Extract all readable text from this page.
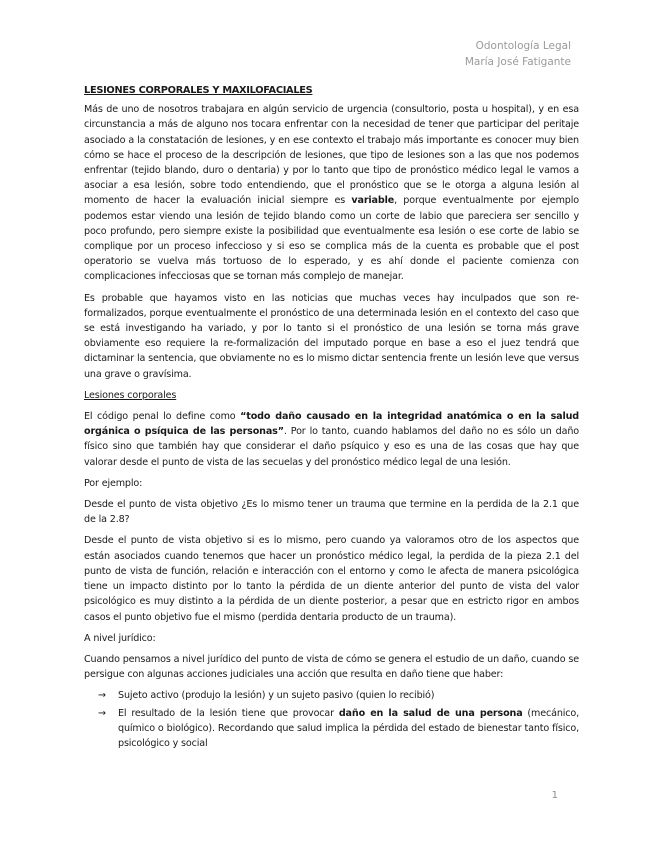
Odontología Legal
María José Fatigante
LESIONES CORPORALES Y MAXILOFACIALES

Más de uno de nosotros trabajara en algún servicio de urgencia (consultorio, posta u hospital), y en esa circunstancia a más de alguno nos tocara enfrentar con la necesidad de tener que participar del peritaje asociado a la constatación de lesiones, y en ese contexto el trabajo más importante es conocer muy bien cómo se hace el proceso de la descripción de lesiones, que tipo de lesiones son a las que nos podemos enfrentar (tejido blando, duro o dentaria) y por lo tanto que tipo de pronóstico médico legal le vamos a asociar a esa lesión, sobre todo entendiendo, que el pronóstico que se le otorga a alguna lesión al momento de hacer la evaluación inicial siempre es variable, porque eventualmente por ejemplo podemos estar viendo una lesión de tejido blando como un corte de labio que pareciera ser sencillo y poco profundo, pero siempre existe la posibilidad que eventualmente esa lesión o ese corte de labio se complique por un proceso infeccioso y si eso se complica más de la cuenta es probable que el post operatorio se vuelva más tortuoso de lo esperado, y es ahí donde el paciente comienza con complicaciones infecciosas que se tornan más complejo de manejar.

Es probable que hayamos visto en las noticias que muchas veces hay inculpados que son re-formalizados, porque eventualmente el pronóstico de una determinada lesión en el contexto del caso que se está investigando ha variado, y por lo tanto si el pronóstico de una lesión se torna más grave obviamente eso requiere la re-formalización del imputado porque en base a eso el juez tendrá que dictaminar la sentencia, que obviamente no es lo mismo dictar sentencia frente un lesión leve que versus una grave o gravísima.

Lesiones corporales

El código penal lo define como “todo daño causado en la integridad anatómica o en la salud orgánica o psíquica de las personas”. Por lo tanto, cuando hablamos del daño no es sólo un daño físico sino que también hay que considerar el daño psíquico y eso es una de las cosas que hay que valorar desde el punto de vista de las secuelas y del pronóstico médico legal de una lesión.

Por ejemplo:

Desde el punto de vista objetivo ¿Es lo mismo tener un trauma que termine en la perdida de la 2.1 que de la 2.8?

Desde el punto de vista objetivo si es lo mismo, pero cuando ya valoramos otro de los aspectos que están asociados cuando tenemos que hacer un pronóstico médico legal, la perdida de la pieza 2.1 del punto de vista de función, relación e interacción con el entorno y como le afecta de manera psicológica tiene un impacto distinto por lo tanto la pérdida de un diente anterior del punto de vista del valor psicológico es muy distinto a la pérdida de un diente posterior, a pesar que en estricto rigor en ambos casos el punto objetivo fue el mismo (perdida dentaria producto de un trauma).

A nivel jurídico:

Cuando pensamos a nivel jurídico del punto de vista de cómo se genera el estudio de un daño, cuando se persigue con algunas acciones judiciales una acción que resulta en daño tiene que haber:

→ Sujeto activo (produjo la lesión) y un sujeto pasivo (quien lo recibió)
→ El resultado de la lesión tiene que provocar daño en la salud de una persona (mecánico, químico o biológico). Recordando que salud implica la pérdida del estado de bienestar tanto físico, psicológico y social
1
